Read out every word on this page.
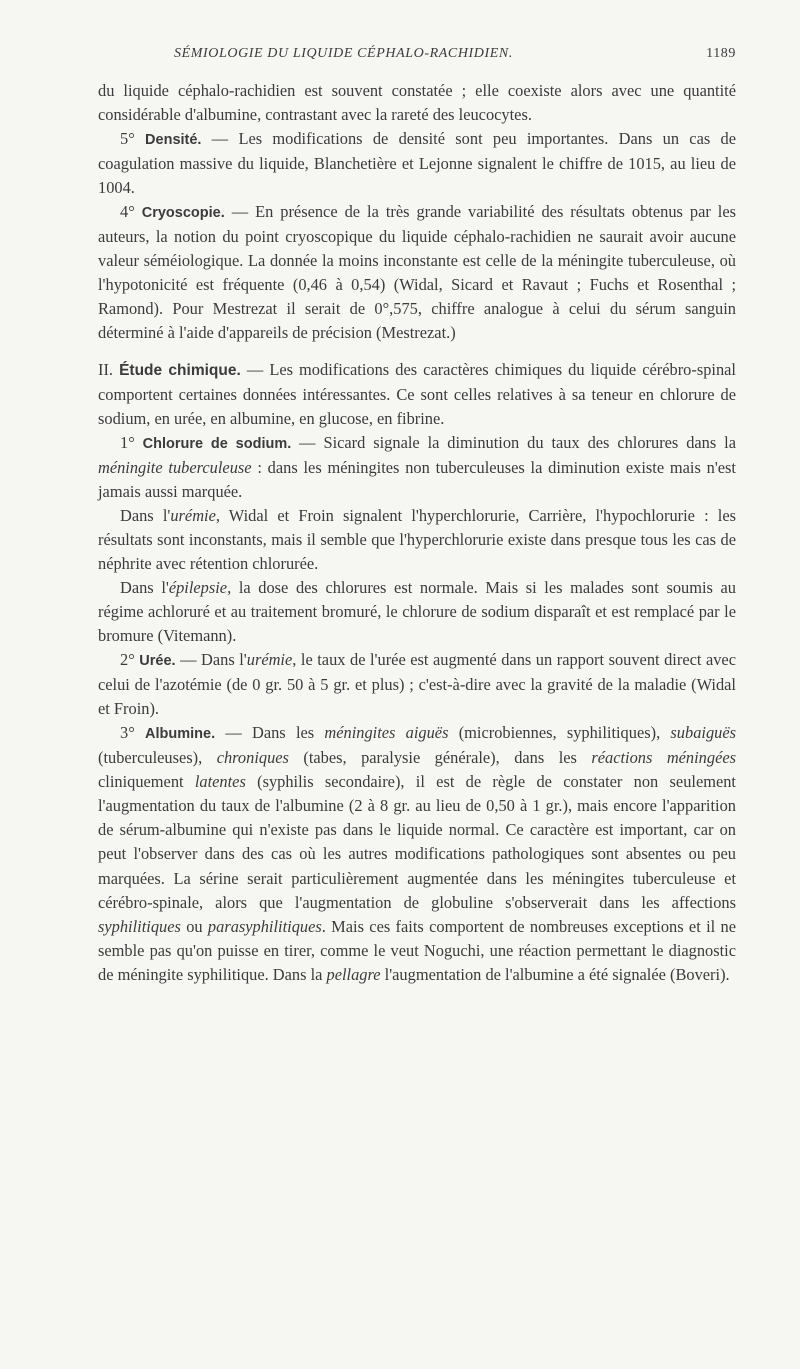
SÉMIOLOGIE DU LIQUIDE CÉPHALO-RACHIDIEN.	1189

du liquide céphalo-rachidien est souvent constatée ; elle coexiste alors avec une quantité considérable d'albumine, contrastant avec la rareté des leucocytes.

5° Densité. — Les modifications de densité sont peu importantes. Dans un cas de coagulation massive du liquide, Blanchetière et Lejonne signalent le chiffre de 1015, au lieu de 1004.

4° Cryoscopie. — En présence de la très grande variabilité des résultats obtenus par les auteurs, la notion du point cryoscopique du liquide céphalo-rachidien ne saurait avoir aucune valeur séméiologique. La donnée la moins inconstante est celle de la méningite tuberculeuse, où l'hypotonicité est fréquente (0,46 à 0,54) (Widal, Sicard et Ravaut ; Fuchs et Rosenthal ; Ramond). Pour Mestrezat il serait de 0°,575, chiffre analogue à celui du sérum sanguin déterminé à l'aide d'appareils de précision (Mestrezat.)

II. Étude chimique. — Les modifications des caractères chimiques du liquide cérébro-spinal comportent certaines données intéressantes. Ce sont celles relatives à sa teneur en chlorure de sodium, en urée, en albumine, en glucose, en fibrine.

1° Chlorure de sodium. — Sicard signale la diminution du taux des chlorures dans la méningite tuberculeuse : dans les méningites non tuberculeuses la diminution existe mais n'est jamais aussi marquée.

Dans l'urémie, Widal et Froin signalent l'hyperchlorurie, Carrière, l'hypochlorurie : les résultats sont inconstants, mais il semble que l'hyperchlorurie existe dans presque tous les cas de néphrite avec rétention chlorurée.

Dans l'épilepsie, la dose des chlorures est normale. Mais si les malades sont soumis au régime achloruré et au traitement bromuré, le chlorure de sodium disparaît et est remplacé par le bromure (Vitemann).

2° Urée. — Dans l'urémie, le taux de l'urée est augmenté dans un rapport souvent direct avec celui de l'azotémie (de 0 gr. 50 à 5 gr. et plus) ; c'est-à-dire avec la gravité de la maladie (Widal et Froin).

3° Albumine. — Dans les méningites aiguës (microbiennes, syphilitiques), subaiguës (tuberculeuses), chroniques (tabes, paralysie générale), dans les réactions méningées cliniquement latentes (syphilis secondaire), il est de règle de constater non seulement l'augmentation du taux de l'albumine (2 à 8 gr. au lieu de 0,50 à 1 gr.), mais encore l'apparition de sérum-albumine qui n'existe pas dans le liquide normal. Ce caractère est important, car on peut l'observer dans des cas où les autres modifications pathologiques sont absentes ou peu marquées. La sérine serait particulièrement augmentée dans les méningites tuberculeuse et cérébro-spinale, alors que l'augmentation de globuline s'observerait dans les affections syphilitiques ou parasyphilitiques. Mais ces faits comportent de nombreuses exceptions et il ne semble pas qu'on puisse en tirer, comme le veut Noguchi, une réaction permettant le diagnostic de méningite syphilitique. Dans la pellagre l'augmentation de l'albumine a été signalée (Boveri).
